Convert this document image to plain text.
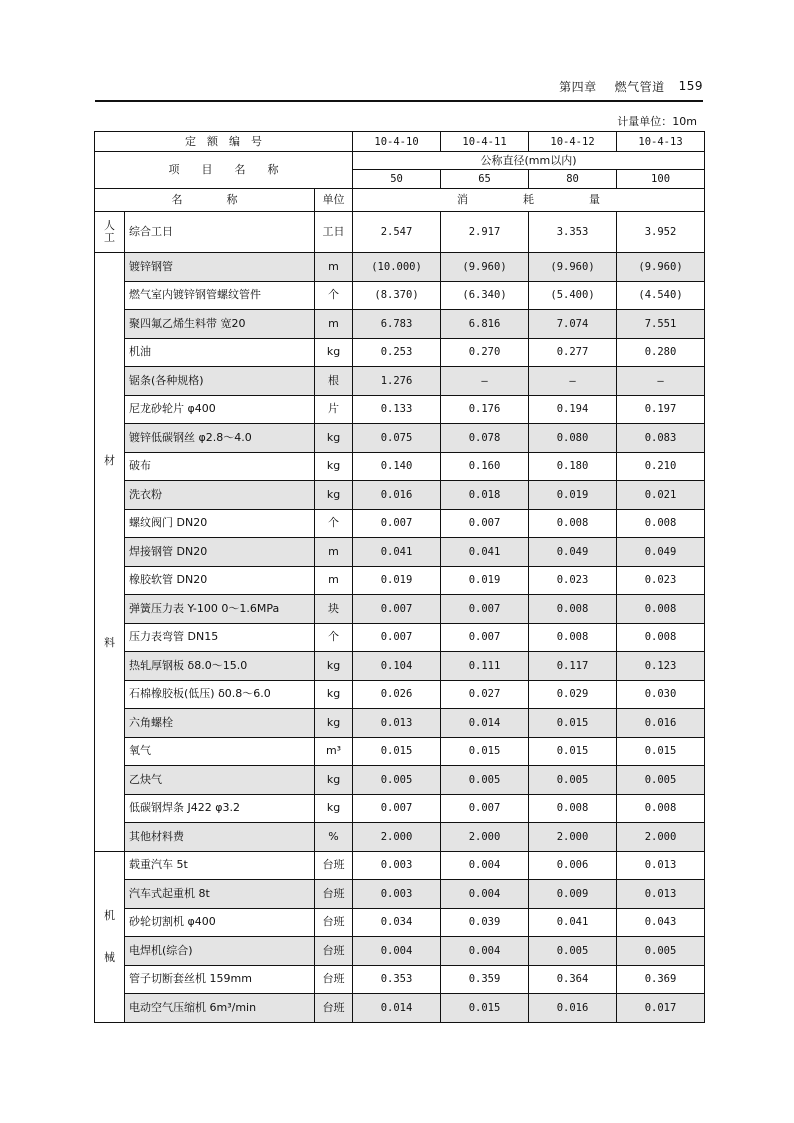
第四章 燃气管道 159
计量单位：10m
定　额　编　号			10-4-10	10-4-11	10-4-12	10-4-13
项　　目　　名　　称			公称直径(mm以内)			
			50	65	80	100
名　　　　称		单位	消　　　　　耗　　　　　量			
人工	综合工日	工日	2.547	2.917	3.353	3.952

材
料	镀锌钢管	m	(10.000)	(9.960)	(9.960)	(9.960)
	燃气室内镀锌钢管螺纹管件	个	(8.370)	(6.340)	(5.400)	(4.540)
	聚四氟乙烯生料带 宽20	m	6.783	6.816	7.074	7.551
	机油	kg	0.253	0.270	0.277	0.280
	锯条(各种规格)	根	1.276	—	—	—
	尼龙砂轮片 φ400	片	0.133	0.176	0.194	0.197
	镀锌低碳钢丝 φ2.8～4.0	kg	0.075	0.078	0.080	0.083
	破布	kg	0.140	0.160	0.180	0.210
	洗衣粉	kg	0.016	0.018	0.019	0.021
	螺纹阀门 DN20	个	0.007	0.007	0.008	0.008
	焊接钢管 DN20	m	0.041	0.041	0.049	0.049
	橡胶软管 DN20	m	0.019	0.019	0.023	0.023
	弹簧压力表 Y-100 0～1.6MPa	块	0.007	0.007	0.008	0.008
	压力表弯管 DN15	个	0.007	0.007	0.008	0.008
	热轧厚钢板 δ8.0～15.0	kg	0.104	0.111	0.117	0.123
	石棉橡胶板(低压) δ0.8～6.0	kg	0.026	0.027	0.029	0.030
	六角螺栓	kg	0.013	0.014	0.015	0.016
	氧气	m³	0.015	0.015	0.015	0.015
	乙炔气	kg	0.005	0.005	0.005	0.005
	低碳钢焊条 J422 φ3.2	kg	0.007	0.007	0.008	0.008
	其他材料费	%	2.000	2.000	2.000	2.000

机
械	载重汽车 5t	台班	0.003	0.004	0.006	0.013
	汽车式起重机 8t	台班	0.003	0.004	0.009	0.013
	砂轮切割机 φ400	台班	0.034	0.039	0.041	0.043
	电焊机(综合)	台班	0.004	0.004	0.005	0.005
	管子切断套丝机 159mm	台班	0.353	0.359	0.364	0.369
	电动空气压缩机 6m³/min	台班	0.014	0.015	0.016	0.017
